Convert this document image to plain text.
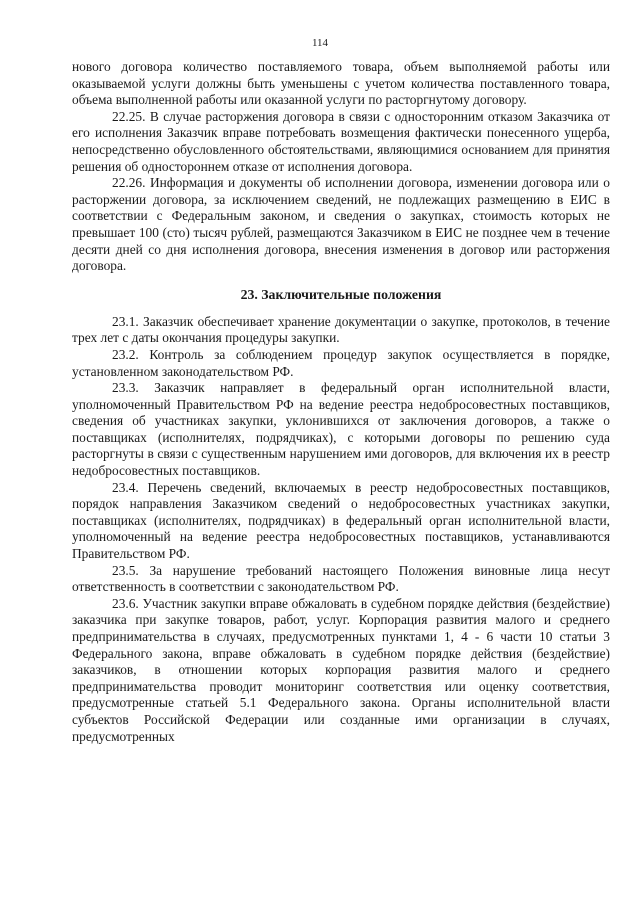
114

нового договора количество поставляемого товара, объем выполняемой работы или оказываемой услуги должны быть уменьшены с учетом количества поставленного товара, объема выполненной работы или оказанной услуги по расторгнутому договору.

22.25. В случае расторжения договора в связи с односторонним отказом Заказчика от его исполнения Заказчик вправе потребовать возмещения фактически понесенного ущерба, непосредственно обусловленного обстоятельствами, являющимися основанием для принятия решения об одностороннем отказе от исполнения договора.

22.26. Информация и документы об исполнении договора, изменении договора или о расторжении договора, за исключением сведений, не подлежащих размещению в ЕИС в соответствии с Федеральным законом, и сведения о закупках, стоимость которых не превышает 100 (сто) тысяч рублей, размещаются Заказчиком в ЕИС не позднее чем в течение десяти дней со дня исполнения договора, внесения изменения в договор или расторжения договора.

23. Заключительные положения

23.1. Заказчик обеспечивает хранение документации о закупке, протоколов, в течение трех лет с даты окончания процедуры закупки.

23.2. Контроль за соблюдением процедур закупок осуществляется в порядке, установленном законодательством РФ.

23.3. Заказчик направляет в федеральный орган исполнительной власти, уполномоченный Правительством РФ на ведение реестра недобросовестных поставщиков, сведения об участниках закупки, уклонившихся от заключения договоров, а также о поставщиках (исполнителях, подрядчиках), с которыми договоры по решению суда расторгнуты в связи с существенным нарушением ими договоров, для включения их в реестр недобросовестных поставщиков.

23.4. Перечень сведений, включаемых в реестр недобросовестных поставщиков, порядок направления Заказчиком сведений о недобросовестных участниках закупки, поставщиках (исполнителях, подрядчиках) в федеральный орган исполнительной власти, уполномоченный на ведение реестра недобросовестных поставщиков, устанавливаются Правительством РФ.

23.5. За нарушение требований настоящего Положения виновные лица несут ответственность в соответствии с законодательством РФ.

23.6. Участник закупки вправе обжаловать в судебном порядке действия (бездействие) заказчика при закупке товаров, работ, услуг. Корпорация развития малого и среднего предпринимательства в случаях, предусмотренных пунктами 1, 4 - 6 части 10 статьи 3 Федерального закона, вправе обжаловать в судебном порядке действия (бездействие) заказчиков, в отношении которых корпорация развития малого и среднего предпринимательства проводит мониторинг соответствия или оценку соответствия, предусмотренные статьей 5.1 Федерального закона. Органы исполнительной власти субъектов Российской Федерации или созданные ими организации в случаях, предусмотренных
